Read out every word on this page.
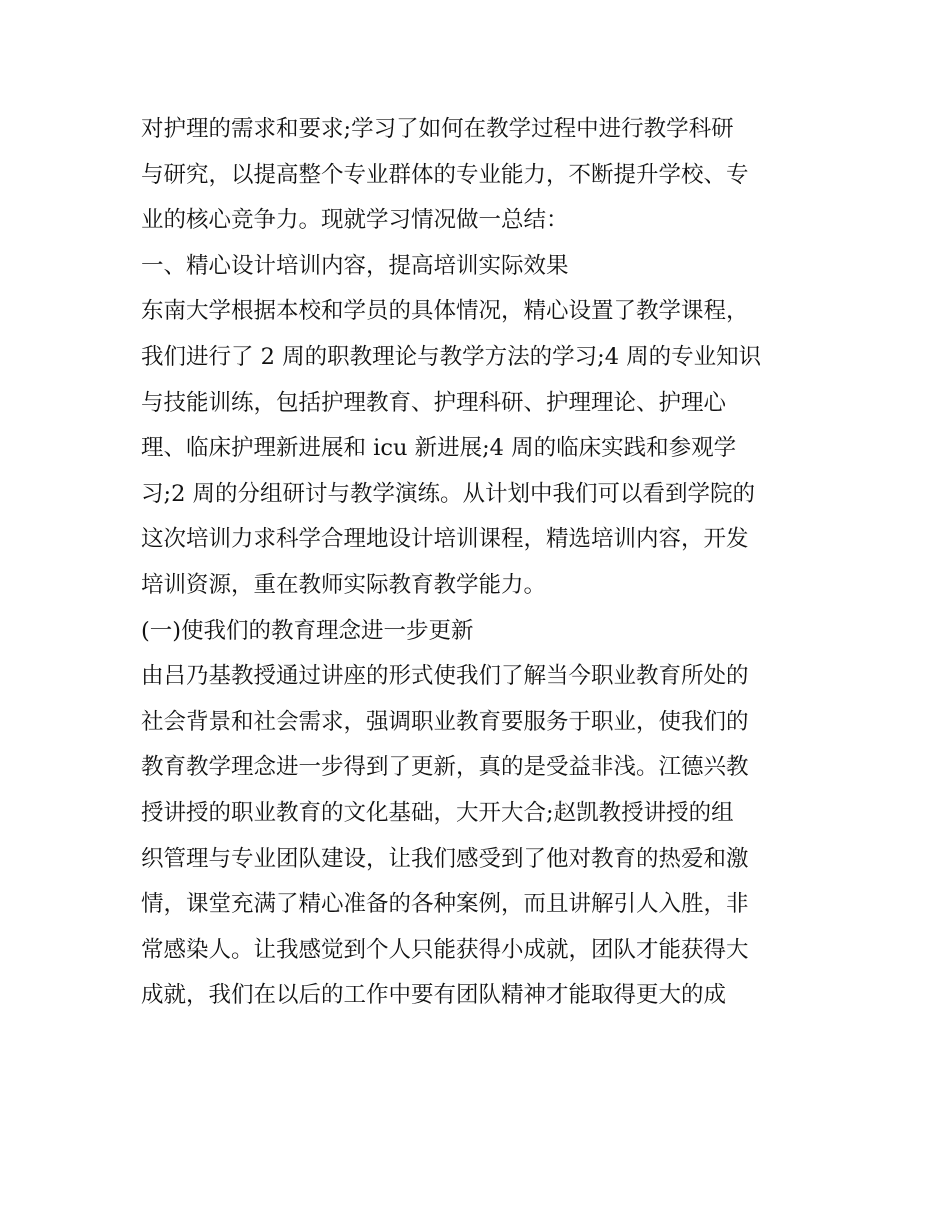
对护理的需求和要求;学习了如何在教学过程中进行教学科研
与研究，以提高整个专业群体的专业能力，不断提升学校、专
业的核心竞争力。现就学习情况做一总结：
一、精心设计培训内容，提高培训实际效果
东南大学根据本校和学员的具体情况，精心设置了教学课程，
我们进行了 2 周的职教理论与教学方法的学习;4 周的专业知识
与技能训练，包括护理教育、护理科研、护理理论、护理心
理、临床护理新进展和 icu 新进展;4 周的临床实践和参观学
习;2 周的分组研讨与教学演练。从计划中我们可以看到学院的
这次培训力求科学合理地设计培训课程，精选培训内容，开发
培训资源，重在教师实际教育教学能力。
(一)使我们的教育理念进一步更新
由吕乃基教授通过讲座的形式使我们了解当今职业教育所处的
社会背景和社会需求，强调职业教育要服务于职业，使我们的
教育教学理念进一步得到了更新，真的是受益非浅。江德兴教
授讲授的职业教育的文化基础，大开大合;赵凯教授讲授的组
织管理与专业团队建设，让我们感受到了他对教育的热爱和激
情，课堂充满了精心准备的各种案例，而且讲解引人入胜，非
常感染人。让我感觉到个人只能获得小成就，团队才能获得大
成就，我们在以后的工作中要有团队精神才能取得更大的成
